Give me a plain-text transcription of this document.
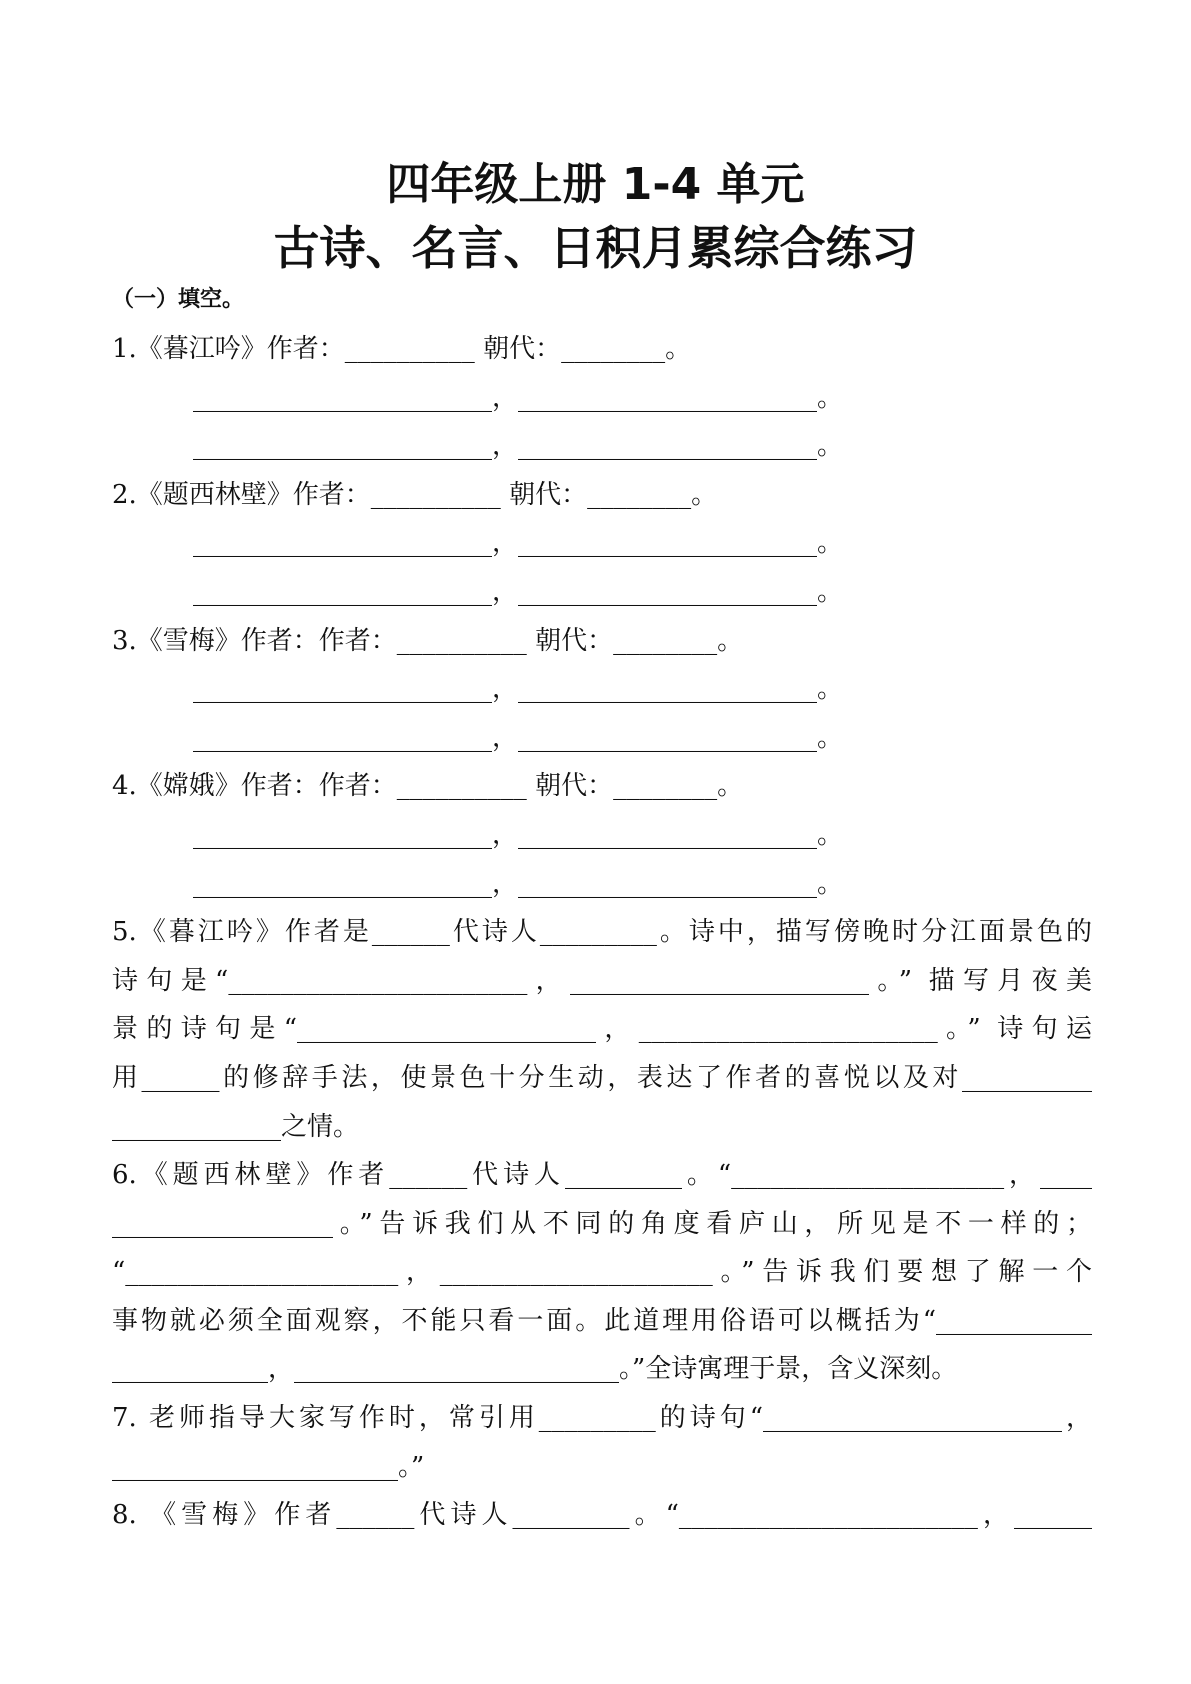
四年级上册 1-4 单元
古诗、名言、日积月累综合练习
（一）填空。
1.《暮江吟》作者：__________ 朝代：________。
_______________________，_______________________。
_______________________，_______________________。
2.《题西林壁》作者：__________ 朝代：________。
_______________________，_______________________。
_______________________，_______________________。
3.《雪梅》作者：作者：__________ 朝代：________。
_______________________，_______________________。
_______________________，_______________________。
4.《嫦娥》作者：作者：__________ 朝代：________。
_______________________，_______________________。
_______________________，_______________________。
5.《暮江吟》作者是______代诗人_________。诗中，描写傍晚时分江面景色的
诗句是“_______________________，_______________________。” 描写月夜美
景的诗句是“_______________________，_______________________。” 诗句运
用______的修辞手法，使景色十分生动，表达了作者的喜悦以及对__________
_____________之情。
6.《题西林壁》作者______代诗人_________。“_____________________，____
_________________。”告诉我们从不同的角度看庐山，所见是不一样的；
“_____________________，_____________________。”告诉我们要想了解一个
事物就必须全面观察，不能只看一面。此道理用俗语可以概括为“____________
____________，_________________________。”全诗寓理于景，含义深刻。
7. 老师指导大家写作时，常引用_________的诗句“_______________________，
______________________。”
8. 《雪梅》作者______代诗人_________。“_______________________，______
